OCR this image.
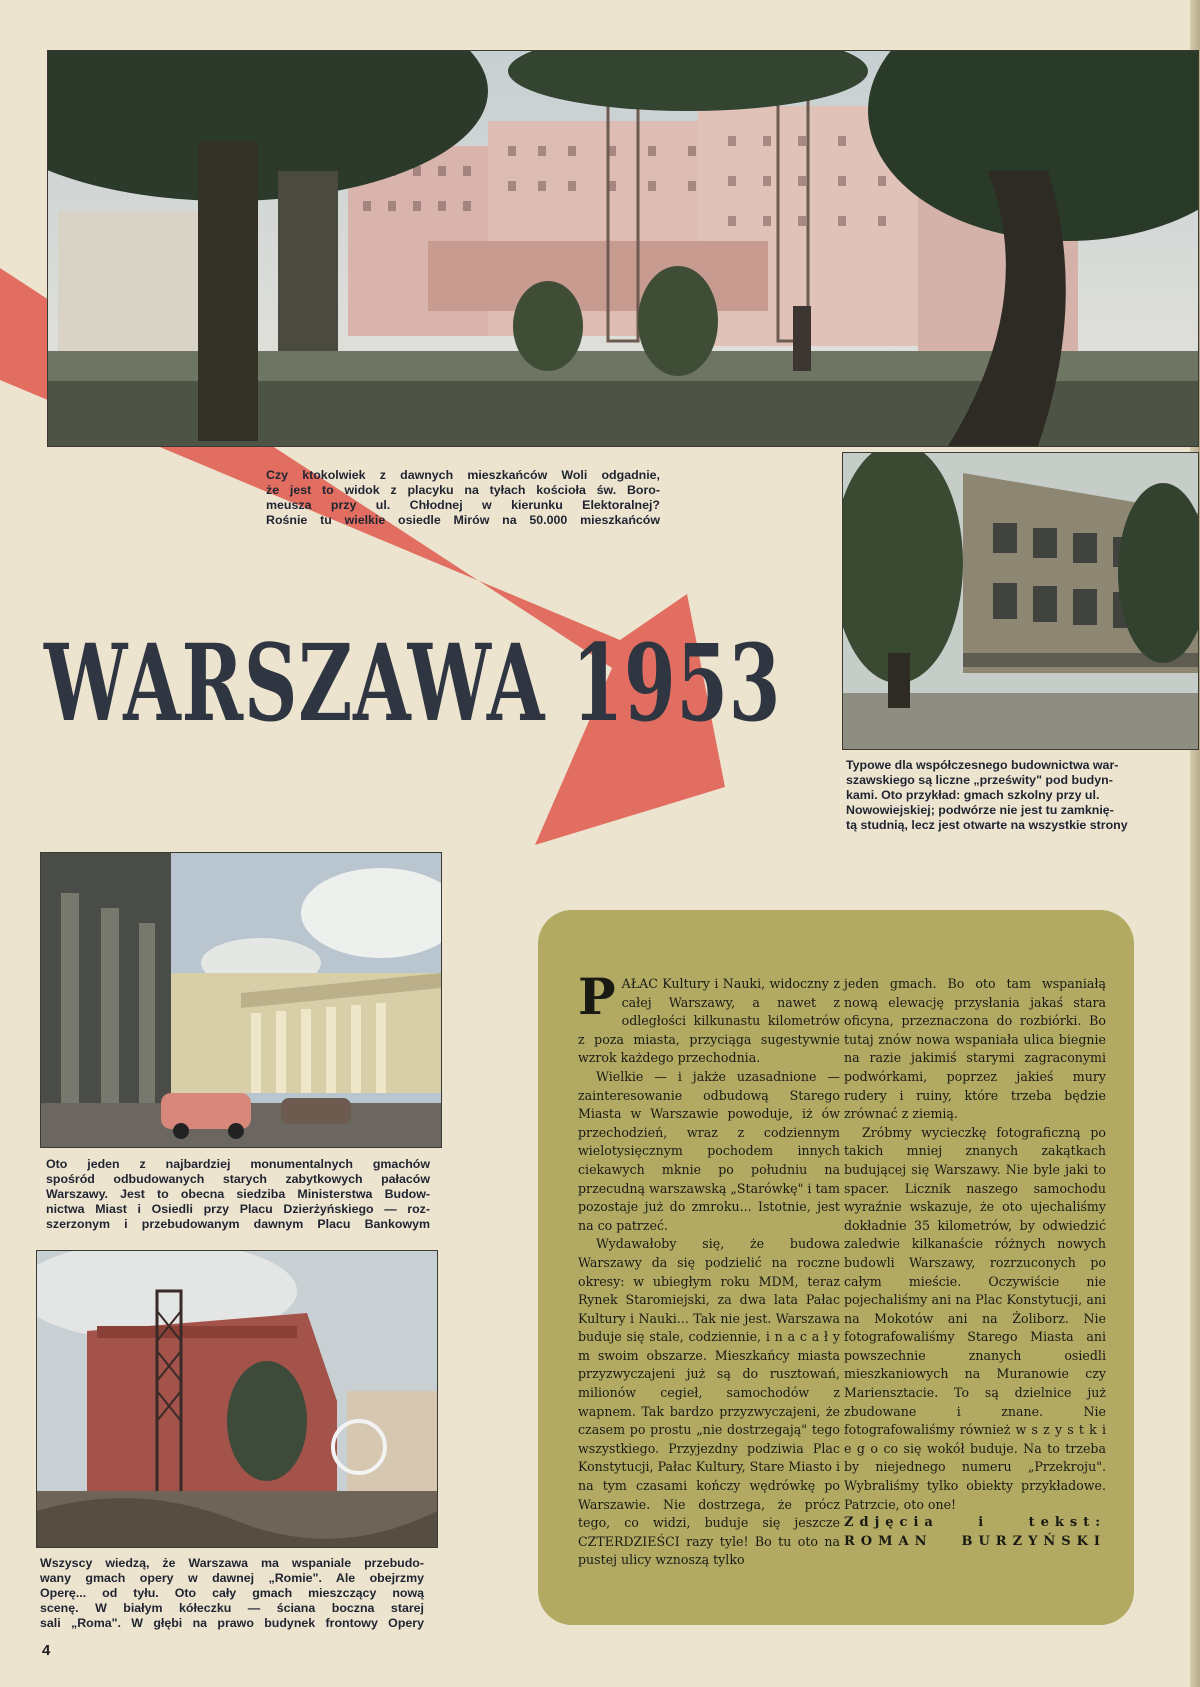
Czy ktokolwiek z dawnych mieszkańców Woli odgadnie,
że jest to widok z placyku na tyłach kościoła św. Boro-
meusza przy ul. Chłodnej w kierunku Elektoralnej?
Rośnie tu wielkie osiedle Mirów na 50.000 mieszkańców

Typowe dla współczesnego budownictwa war-
szawskiego są liczne „prześwity" pod budyn-
kami. Oto przykład: gmach szkolny przy ul.
Nowowiejskiej; podwórze nie jest tu zamknię-
tą studnią, lecz jest otwarte na wszystkie strony

WARSZAWA 1953

Oto jeden z najbardziej monumentalnych gmachów
spośród odbudowanych starych zabytkowych pałaców
Warszawy. Jest to obecna siedziba Ministerstwa Budow-
nictwa Miast i Osiedli przy Placu Dzierżyńskiego — roz-
szerzonym i przebudowanym dawnym Placu Bankowym

Wszyscy wiedzą, że Warszawa ma wspaniale przebudo-
wany gmach opery w dawnej „Romie". Ale obejrzmy
Operę... od tyłu. Oto cały gmach mieszczący nową
scenę. W białym kółeczku — ściana boczna starej
sali „Roma". W głębi na prawo budynek frontowy Opery

PAŁAC Kultury i Nauki, widoczny z całej Warszawy, a nawet z odległości kilkunastu kilometrów z poza miasta, przyciąga sugestywnie wzrok każdego przechodnia.

Wielkie — i jakże uzasadnione — zainteresowanie odbudową Starego Miasta w Warszawie powoduje, iż ów przechodzień, wraz z codziennym wielotysięcznym pochodem innych ciekawych mknie po południu na przecudną warszawską „Starówkę" i tam pozostaje już do zmroku... Istotnie, jest na co patrzeć.

Wydawałoby się, że budowa Warszawy da się podzielić na roczne okresy: w ubiegłym roku MDM, teraz Rynek Staromiejski, za dwa lata Pałac Kultury i Nauki... Tak nie jest. Warszawa buduje się stale, codziennie, i n a c a ł y m swoim obszarze. Mieszkańcy miasta przyzwyczajeni już są do rusztowań, milionów cegieł, samochodów z wapnem. Tak bardzo przyzwyczajeni, że czasem po prostu „nie dostrzegają" tego wszystkiego. Przyjezdny podziwia Plac Konstytucji, Pałac Kultury, Stare Miasto i na tym czasami kończy wędrówkę po Warszawie. Nie dostrzega, że prócz tego, co widzi, buduje się jeszcze CZTERDZIEŚCI razy tyle! Bo tu oto na pustej ulicy wznoszą tylko

jeden gmach. Bo oto tam wspaniałą nową elewację przysłania jakaś stara oficyna, przeznaczona do rozbiórki. Bo tutaj znów nowa wspaniała ulica biegnie na razie jakimiś starymi zagraconymi podwórkami, poprzez jakieś mury rudery i ruiny, które trzeba będzie zrównać z ziemią.

Zróbmy wycieczkę fotograficzną po takich mniej znanych zakątkach budującej się Warszawy. Nie byle jaki to spacer. Licznik naszego samochodu wyraźnie wskazuje, że oto ujechaliśmy dokładnie 35 kilometrów, by odwiedzić zaledwie kilkanaście różnych nowych budowli Warszawy, rozrzuconych po całym mieście. Oczywiście nie pojechaliśmy ani na Plac Konstytucji, ani na Mokotów ani na Żoliborz. Nie fotografowaliśmy Starego Miasta ani powszechnie znanych osiedli mieszkaniowych na Muranowie czy Mariensztacie. To są dzielnice już zbudowane i znane. Nie fotografowaliśmy również w s z y s t k i e g o co się wokół buduje. Na to trzeba by niejednego numeru „Przekroju". Wybraliśmy tylko obiekty przykładowe. Patrzcie, oto one!

Zdjęcia i tekst:

ROMAN BURZYŃSKI

4
